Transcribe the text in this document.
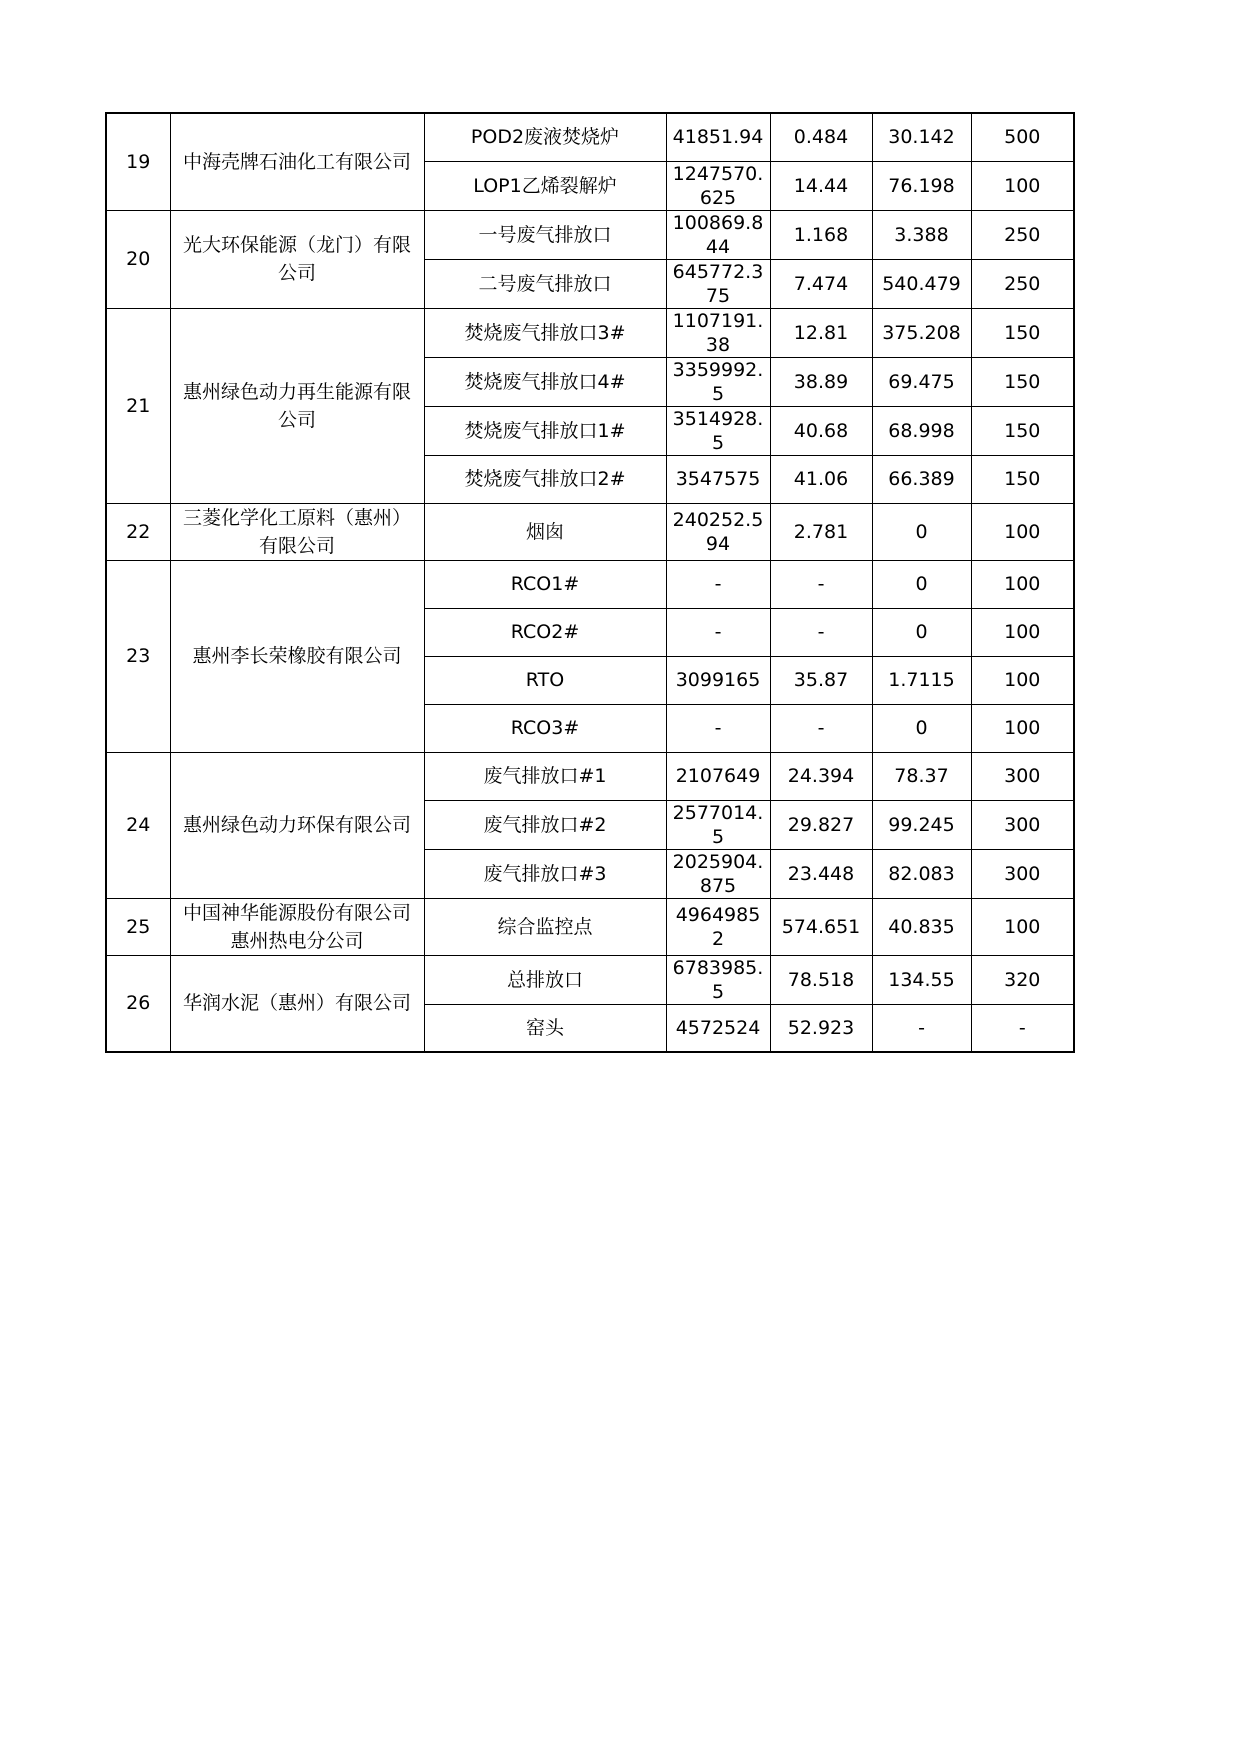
19	中海壳牌石油化工有限公司	POD2废液焚烧炉	41851.94	0.484	30.142	500
		LOP1乙烯裂解炉	1247570.625	14.44	76.198	100
20	光大环保能源（龙门）有限公司	一号废气排放口	100869.844	1.168	3.388	250
		二号废气排放口	645772.375	7.474	540.479	250
21	惠州绿色动力再生能源有限公司	焚烧废气排放口3#	1107191.38	12.81	375.208	150
		焚烧废气排放口4#	3359992.5	38.89	69.475	150
		焚烧废气排放口1#	3514928.5	40.68	68.998	150
		焚烧废气排放口2#	3547575	41.06	66.389	150
22	三菱化学化工原料（惠州）有限公司	烟囱	240252.594	2.781	0	100
23	惠州李长荣橡胶有限公司	RCO1#	-	-	0	100
		RCO2#	-	-	0	100
		RTO	3099165	35.87	1.7115	100
		RCO3#	-	-	0	100
24	惠州绿色动力环保有限公司	废气排放口#1	2107649	24.394	78.37	300
		废气排放口#2	2577014.5	29.827	99.245	300
		废气排放口#3	2025904.875	23.448	82.083	300
25	中国神华能源股份有限公司惠州热电分公司	综合监控点	49649852	574.651	40.835	100
26	华润水泥（惠州）有限公司	总排放口	6783985.5	78.518	134.55	320
		窑头	4572524	52.923	-	-
